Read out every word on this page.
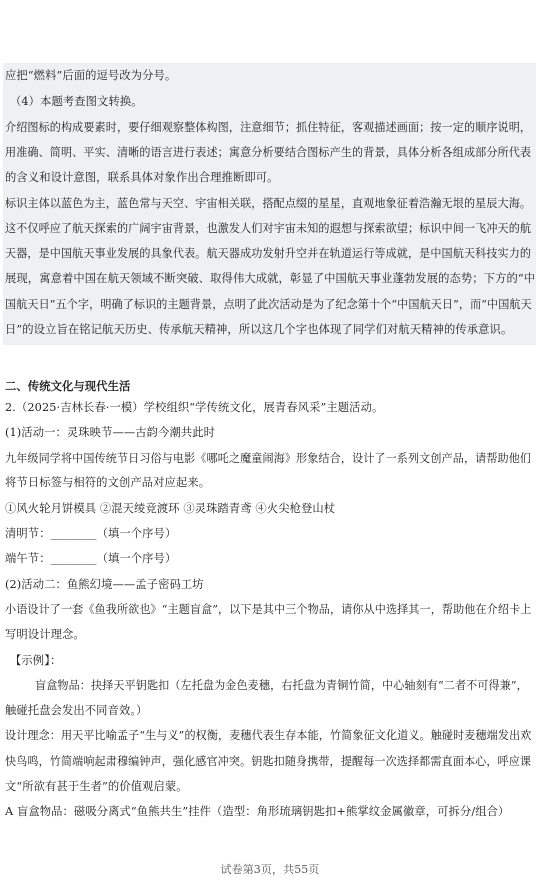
应把“燃料”后面的逗号改为分号。
（4）本题考查图文转换。
介绍图标的构成要素时，要仔细观察整体构图，注意细节；抓住特征，客观描述画面；按一定的顺序说明，
用准确、简明、平实、清晰的语言进行表述；寓意分析要结合图标产生的背景，具体分析各组成部分所代表
的含义和设计意图，联系具体对象作出合理推断即可。
标识主体以蓝色为主，蓝色常与天空、宇宙相关联，搭配点缀的星星，直观地象征着浩瀚无垠的星辰大海。
这不仅呼应了航天探索的广阔宇宙背景，也激发人们对宇宙未知的遐想与探索欲望；标识中间一飞冲天的航
天器，是中国航天事业发展的具象代表。航天器成功发射升空并在轨道运行等成就，是中国航天科技实力的
展现，寓意着中国在航天领域不断突破、取得伟大成就，彰显了中国航天事业蓬勃发展的态势；下方的“中
国航天日”五个字，明确了标识的主题背景，点明了此次活动是为了纪念第十个“中国航天日”，而“中国航天
日”的设立旨在铭记航天历史、传承航天精神，所以这几个字也体现了同学们对航天精神的传承意识。
二、传统文化与现代生活
2.（2025·吉林长春·一模）学校组织“学传统文化，展青春风采”主题活动。
(1)活动一：灵珠映节——古韵今潮共此时
九年级同学将中国传统节日习俗与电影《哪吒之魔童闹海》形象结合，设计了一系列文创产品，请帮助他们
将节日标签与相符的文创产品对应起来。
①风火轮月饼模具 ②混天绫竞渡环 ③灵珠踏青鸢 ④火尖枪登山杖
清明节：________（填一个序号）
端午节：________（填一个序号）
(2)活动二：鱼熊幻境——孟子密码工坊
小语设计了一套《鱼我所欲也》“主题盲盒”，以下是其中三个物品，请你从中选择其一，帮助他在介绍卡上
写明设计理念。
【示例】：
盲盒物品：抉择天平钥匙扣（左托盘为金色麦穗，右托盘为青铜竹简，中心轴刻有“二者不可得兼”，
触碰托盘会发出不同音效。）
设计理念：用天平比喻孟子“生与义”的权衡，麦穗代表生存本能，竹简象征文化道义。触碰时麦穗端发出欢
快鸟鸣，竹简端响起肃穆编钟声，强化感官冲突。钥匙扣随身携带，提醒每一次选择都需直面本心，呼应课
文“所欲有甚于生者”的价值观启蒙。
A 盲盒物品：磁吸分离式“鱼熊共生”挂件（造型：角形琉璃钥匙扣+熊掌纹金属徽章，可拆分/组合）
试卷第3页，共55页
